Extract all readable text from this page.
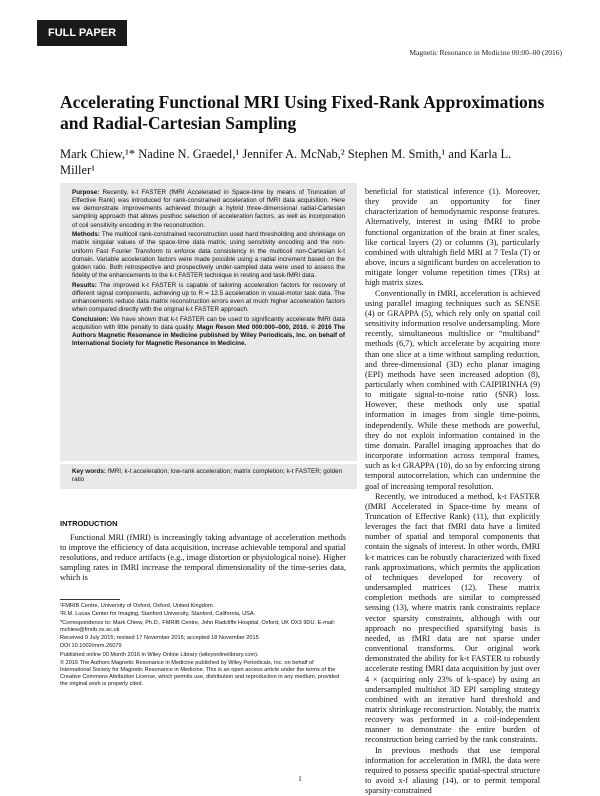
FULL PAPER
Magnetic Resonance in Medicine 00:00–00 (2016)
Accelerating Functional MRI Using Fixed-Rank Approximations and Radial-Cartesian Sampling
Mark Chiew,¹* Nadine N. Graedel,¹ Jennifer A. McNab,² Stephen M. Smith,¹ and Karla L. Miller¹

Purpose: Recently, k-t FASTER (fMRI Accelerated in Space-time by means of Truncation of Effective Rank) was introduced for rank-constrained acceleration of fMRI data acquisition. Here we demonstrate improvements achieved through a hybrid three-dimensional radial-Cartesian sampling approach that allows posthoc selection of acceleration factors, as well as incorporation of coil sensitivity encoding in the reconstruction.

Methods: The multicoil rank-constrained reconstruction used hard thresholding and shrinkage on matrix singular values of the space-time data matrix, using sensitivity encoding and the non-uniform Fast Fourier Transform to enforce data consistency in the multicoil non-Cartesian k-t domain. Variable acceleration factors were made possible using a radial increment based on the golden ratio. Both retrospective and prospectively under-sampled data were used to assess the fidelity of the enhancements to the k-t FASTER technique in resting and task-fMRI data.

Results: The improved k-t FASTER is capable of tailoring acceleration factors for recovery of different signal components, achieving up to R = 12.5 acceleration in visual-motor task data. The enhancements reduce data matrix reconstruction errors even at much higher acceleration factors when compared directly with the original k-t FASTER approach.

Conclusion: We have shown that k-t FASTER can be used to significantly accelerate fMRI data acquisition with little penalty to data quality. Magn Reson Med 000:000–000, 2016. © 2016 The Authors Magnetic Resonance in Medicine published by Wiley Periodicals, Inc. on behalf of International Society for Magnetic Resonance in Medicine.

Key words: fMRI; k-t acceleration; low-rank acceleration; matrix completion; k-t FASTER; golden ratio
INTRODUCTION

Functional MRI (fMRI) is increasingly taking advantage of acceleration methods to improve the efficiency of data acquisition, increase achievable temporal and spatial resolutions, and reduce artifacts (e.g., image distortion or physiological noise). Higher sampling rates in fMRI increase the temporal dimensionality of the time-series data, which is

¹FMRIB Centre, University of Oxford, Oxford, United Kingdom.

²R.M. Lucas Center for Imaging, Stanford University, Stanford, California, USA.

*Correspondence to: Mark Chiew, Ph.D., FMRIB Centre, John Radcliffe Hospital, Oxford, UK OX3 9DU. E-mail: mchiew@fmrib.ox.ac.uk

Received 9 July 2015; revised 17 November 2015; accepted 18 November 2015

DOI 10.1002/mrm.26079

Published online 00 Month 2016 in Wiley Online Library (wileyonlinelibrary.com).

© 2016 The Authors Magnetic Resonance in Medicine published by Wiley Periodicals, Inc. on behalf of International Society for Magnetic Resonance in Medicine. This is an open access article under the terms of the Creative Commons Attribution License, which permits use, distribution and reproduction in any medium, provided the original work is properly cited.

beneficial for statistical inference (1). Moreover, they provide an opportunity for finer characterization of hemodynamic response features. Alternatively, interest in using fMRI to probe functional organization of the brain at finer scales, like cortical layers (2) or columns (3), particularly combined with ultrahigh field MRI at 7 Tesla (T) or above, incurs a significant burden on acceleration to mitigate longer volume repetition times (TRs) at high matrix sizes.

Conventionally in fMRI, acceleration is achieved using parallel imaging techniques such as SENSE (4) or GRAPPA (5), which rely only on spatial coil sensitivity information resolve undersampling. More recently, simultaneous multislice or “multiband” methods (6,7), which accelerate by acquiring more than one slice at a time without sampling reduction, and three-dimensional (3D) echo planar imaging (EPI) methods have seen increased adoption (8), particularly when combined with CAIPIRINHA (9) to mitigate signal-to-noise ratio (SNR) loss. However, these methods only use spatial information in images from single time-points, independently. While these methods are powerful, they do not exploit information contained in the time domain. Parallel imaging approaches that do incorporate information across temporal frames, such as k-t GRAPPA (10), do so by enforcing strong temporal autocorrelation, which can undermine the goal of increasing temporal resolution.

Recently, we introduced a method, k-t FASTER (fMRI Accelerated in Space-time by means of Truncation of Effective Rank) (11), that explicitly leverages the fact that fMRI data have a limited number of spatial and temporal components that contain the signals of interest. In other words, fMRI k-t matrices can be robustly characterized with fixed rank approximations, which permits the application of techniques developed for recovery of undersampled matrices (12). These matrix completion methods are similar to compressed sensing (13), where matrix rank constraints replace vector sparsity constraints, although with our approach no prespecified sparsifying basis is needed, as fMRI data are not sparse under conventional transforms. Our original work demonstrated the ability for k-t FASTER to robustly accelerate resting fMRI data acquisition by just over 4 × (acquiring only 23% of k-space) by using an undersampled multishot 3D EPI sampling strategy combined with an iterative hard threshold and matrix shrinkage reconstruction. Notably, the matrix recovery was performed in a coil-independent manner to demonstrate the entire burden of reconstruction being carried by the rank constraints.

In previous methods that use temporal information for acceleration in fMRI, the data were required to possess specific spatial-spectral structure to avoid x-f aliasing (14), or to permit temporal sparsity-constrained

1
